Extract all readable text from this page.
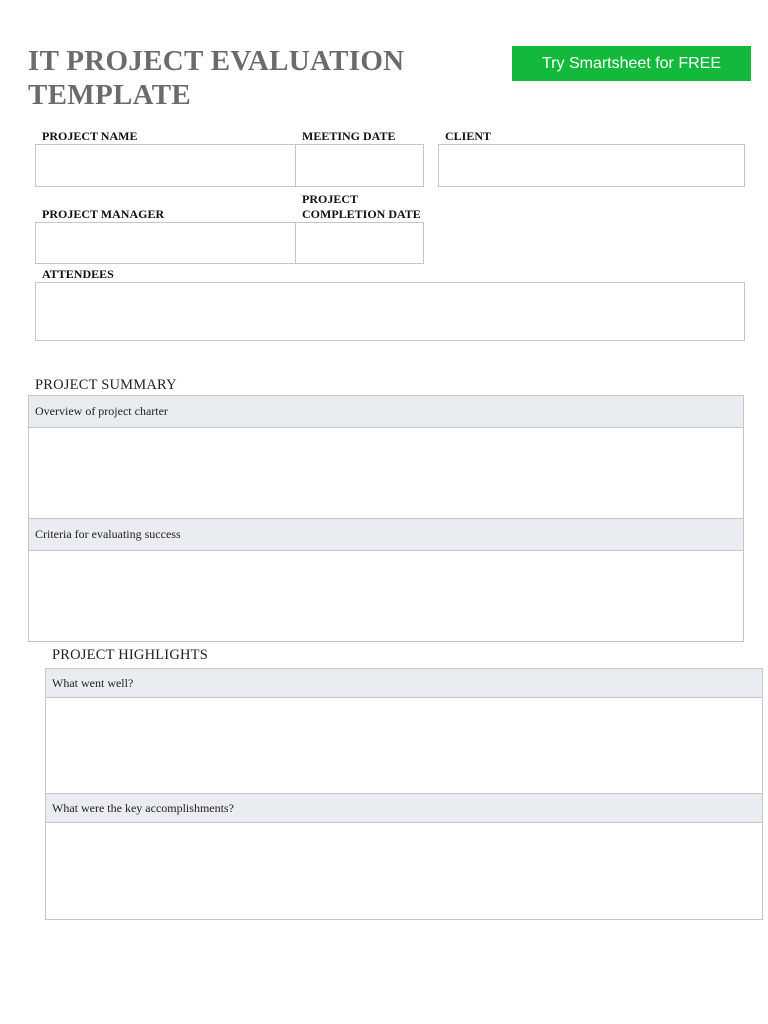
IT PROJECT EVALUATION
TEMPLATE
Try Smartsheet for FREE
PROJECT NAME	MEETING DATE	CLIENT
PROJECT MANAGER
PROJECT
COMPLETION DATE
ATTENDEES
PROJECT SUMMARY
Overview of project charter
Criteria for evaluating success
PROJECT HIGHLIGHTS
What went well?
What were the key accomplishments?
